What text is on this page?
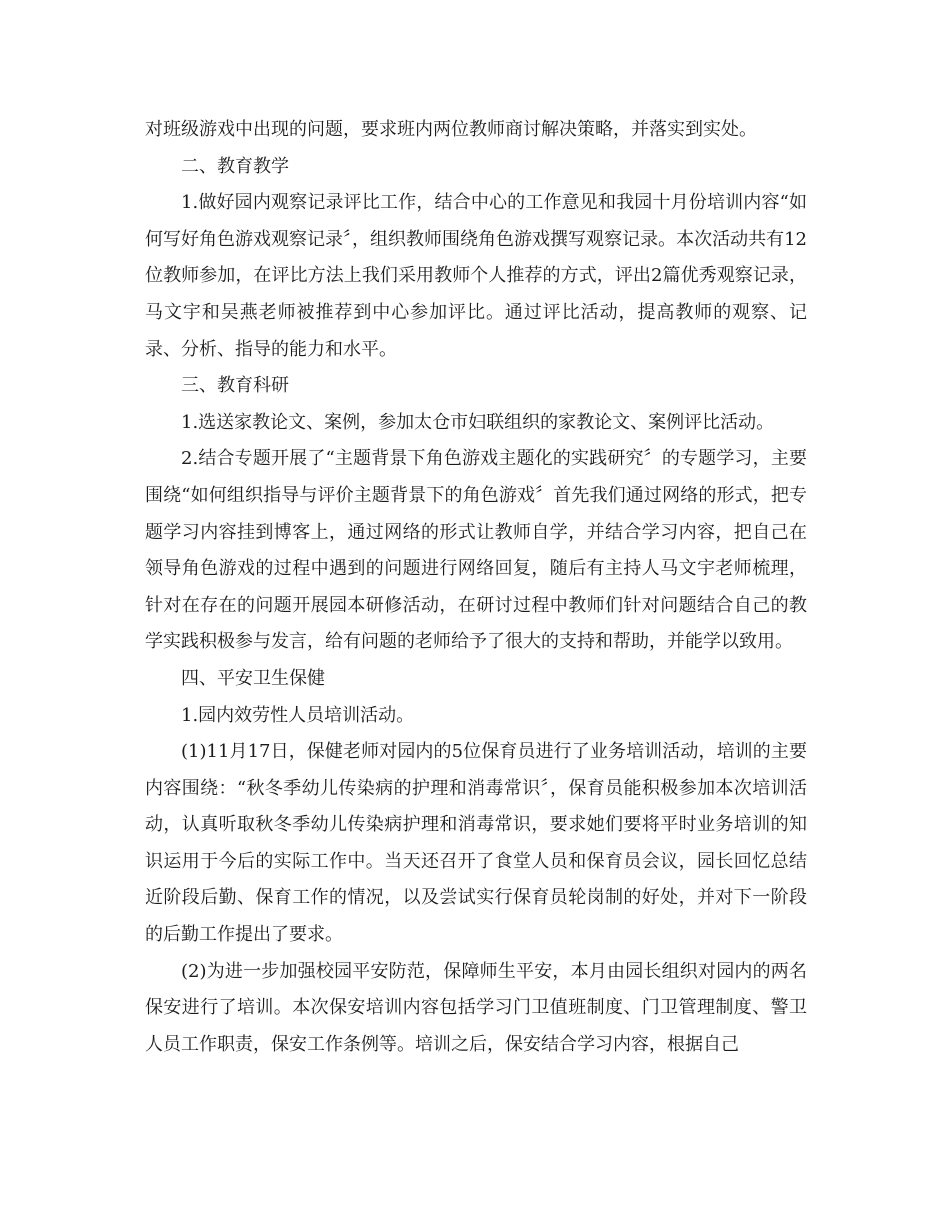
对班级游戏中出现的问题，要求班内两位教师商讨解决策略，并落实到实处。

二、教育教学

1.做好园内观察记录评比工作，结合中心的工作意见和我园十月份培训内容“如何写好角色游戏观察记录〞，组织教师围绕角色游戏撰写观察记录。本次活动共有12位教师参加，在评比方法上我们采用教师个人推荐的方式，评出2篇优秀观察记录，马文宇和吴燕老师被推荐到中心参加评比。通过评比活动，提高教师的观察、记录、分析、指导的能力和水平。

三、教育科研

1.选送家教论文、案例，参加太仓市妇联组织的家教论文、案例评比活动。

2.结合专题开展了“主题背景下角色游戏主题化的实践研究〞的专题学习，主要围绕“如何组织指导与评价主题背景下的角色游戏〞首先我们通过网络的形式，把专题学习内容挂到博客上，通过网络的形式让教师自学，并结合学习内容，把自己在领导角色游戏的过程中遇到的问题进行网络回复，随后有主持人马文宇老师梳理，针对在存在的问题开展园本研修活动，在研讨过程中教师们针对问题结合自己的教学实践积极参与发言，给有问题的老师给予了很大的支持和帮助，并能学以致用。

四、平安卫生保健

1.园内效劳性人员培训活动。

(1)11月17日，保健老师对园内的5位保育员进行了业务培训活动，培训的主要内容围绕：“秋冬季幼儿传染病的护理和消毒常识〞，保育员能积极参加本次培训活动，认真听取秋冬季幼儿传染病护理和消毒常识，要求她们要将平时业务培训的知识运用于今后的实际工作中。当天还召开了食堂人员和保育员会议，园长回忆总结近阶段后勤、保育工作的情况，以及尝试实行保育员轮岗制的好处，并对下一阶段的后勤工作提出了要求。

(2)为进一步加强校园平安防范，保障师生平安，本月由园长组织对园内的两名保安进行了培训。本次保安培训内容包括学习门卫值班制度、门卫管理制度、警卫人员工作职责，保安工作条例等。培训之后，保安结合学习内容，根据自己
